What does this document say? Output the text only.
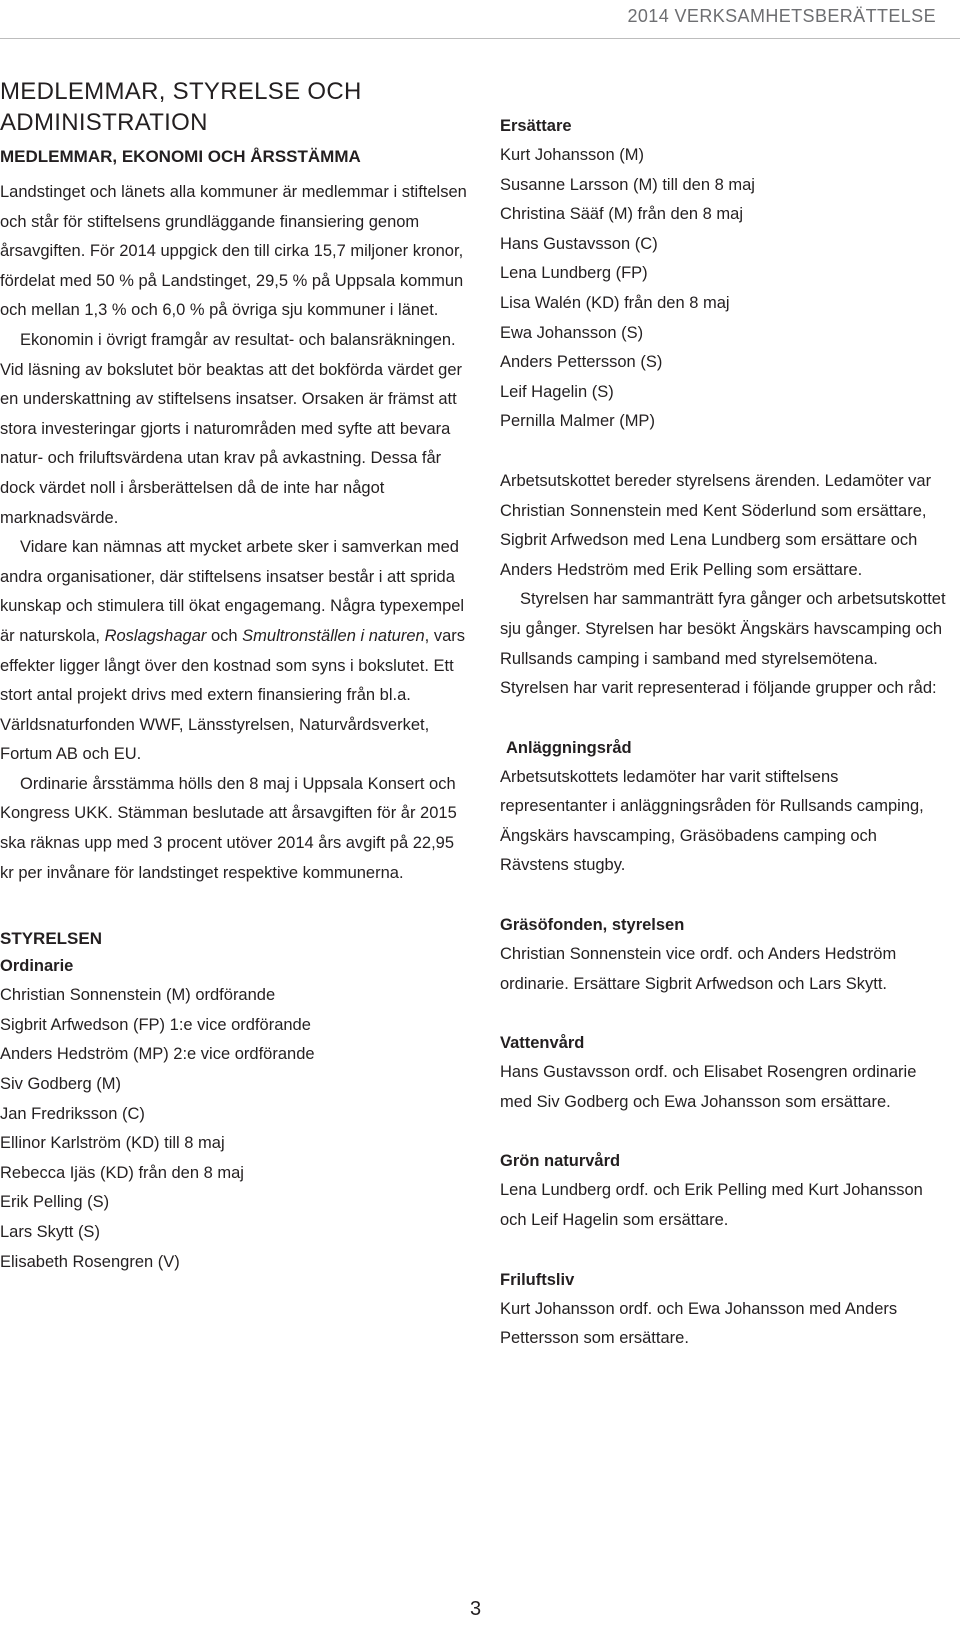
2014 VERKSAMHETSBERÄTTELSE
MEDLEMMAR, STYRELSE OCH ADMINISTRATION
MEDLEMMAR, EKONOMI OCH ÅRSSTÄMMA

Landstinget och länets alla kommuner är medlemmar i stiftelsen och står för stiftelsens grundläggande finansiering genom årsavgiften. För 2014 uppgick den till cirka 15,7 miljoner kronor, fördelat med 50 % på Landstinget, 29,5 % på Uppsala kommun och mellan 1,3 % och 6,0 % på övriga sju kommuner i länet.

Ekonomin i övrigt framgår av resultat- och balansräkningen. Vid läsning av bokslutet bör beaktas att det bokförda värdet ger en underskattning av stiftelsens insatser. Orsaken är främst att stora investeringar gjorts i naturområden med syfte att bevara natur- och friluftsvärdena utan krav på avkastning. Dessa får dock värdet noll i årsberättelsen då de inte har något marknadsvärde.

Vidare kan nämnas att mycket arbete sker i samverkan med andra organisationer, där stiftelsens insatser består i att sprida kunskap och stimulera till ökat engagemang. Några typexempel är naturskola, Roslagshagar och Smultronställen i naturen, vars effekter ligger långt över den kostnad som syns i bokslutet. Ett stort antal projekt drivs med extern finansiering från bl.a. Världsnaturfonden WWF, Länsstyrelsen, Naturvårdsverket, Fortum AB och EU.

Ordinarie årsstämma hölls den 8 maj i Uppsala Konsert och Kongress UKK. Stämman beslutade att årsavgiften för år 2015 ska räknas upp med 3 procent utöver 2014 års avgift på 22,95 kr per invånare för landstinget respektive kommunerna.

STYRELSEN
Ordinarie
Christian Sonnenstein (M) ordförande
Sigbrit Arfwedson (FP) 1:e vice ordförande
Anders Hedström (MP) 2:e vice ordförande
Siv Godberg (M)
Jan Fredriksson (C)
Ellinor Karlström (KD) till 8 maj
Rebecca Ijäs (KD) från den 8 maj
Erik Pelling (S)
Lars Skytt (S)
Elisabeth Rosengren (V)
Ersättare
Kurt Johansson (M)
Susanne Larsson (M) till den 8 maj
Christina Sääf (M) från den 8 maj
Hans Gustavsson (C)
Lena Lundberg (FP)
Lisa Walén (KD) från den 8 maj
Ewa Johansson (S)
Anders Pettersson (S)
Leif Hagelin (S)
Pernilla Malmer (MP)

Arbetsutskottet bereder styrelsens ärenden. Ledamöter var Christian Sonnenstein med Kent Söderlund som ersättare, Sigbrit Arfwedson med Lena Lundberg som ersättare och Anders Hedström med Erik Pelling som ersättare.

Styrelsen har sammanträtt fyra gånger och arbetsutskottet sju gånger. Styrelsen har besökt Ängskärs havscamping och Rullsands camping i samband med styrelsemötena. Styrelsen har varit representerad i följande grupper och råd:

Anläggningsråd

Arbetsutskottets ledamöter har varit stiftelsens representanter i anläggningsråden för Rullsands camping, Ängskärs havscamping, Gräsöbadens camping och Rävstens stugby.

Gräsöfonden, styrelsen

Christian Sonnenstein vice ordf. och Anders Hedström ordinarie. Ersättare Sigbrit Arfwedson och Lars Skytt.

Vattenvård

Hans Gustavsson ordf. och Elisabet Rosengren ordinarie med Siv Godberg och Ewa Johansson som ersättare.

Grön naturvård

Lena Lundberg ordf. och Erik Pelling med Kurt Johansson och Leif Hagelin som ersättare.

Friluftsliv

Kurt Johansson ordf. och Ewa Johansson med Anders Pettersson som ersättare.

3
